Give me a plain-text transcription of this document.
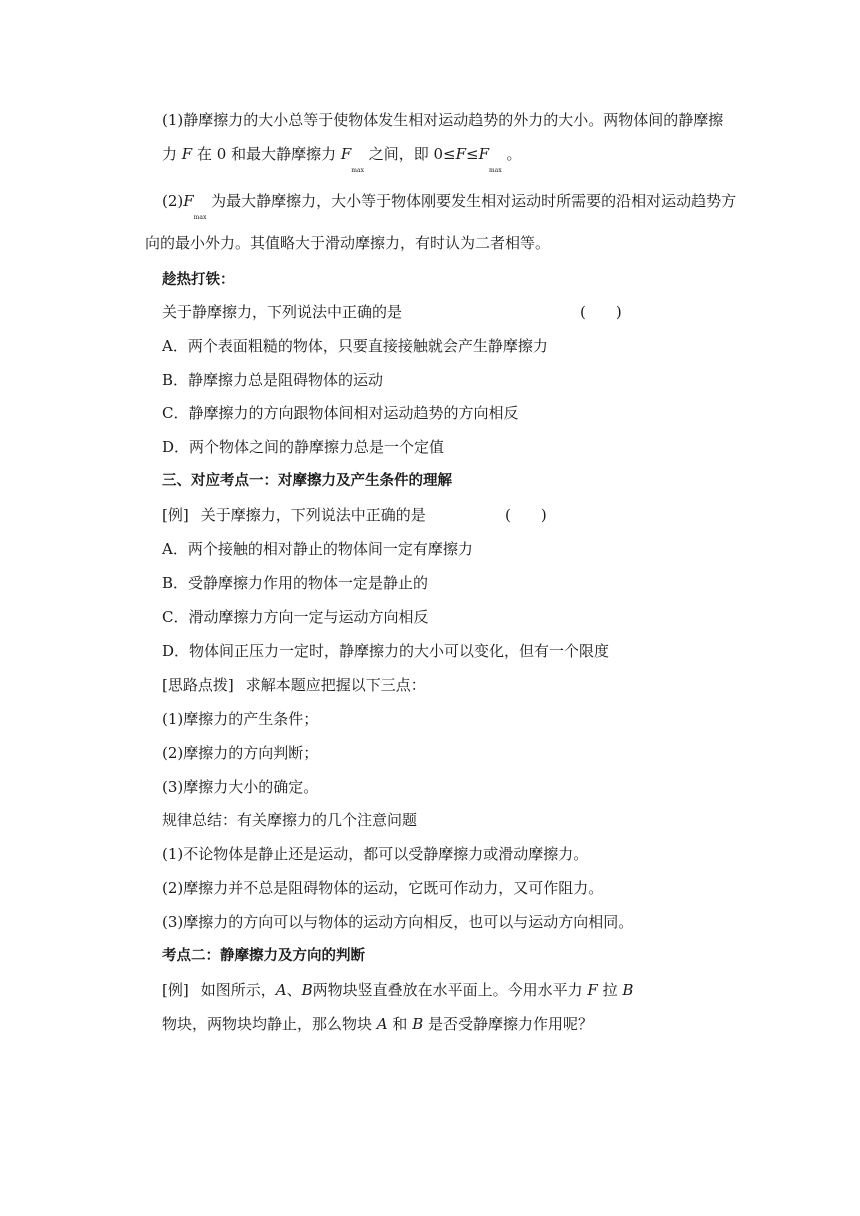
(1)静摩擦力的大小总等于使物体发生相对运动趋势的外力的大小。两物体间的静摩擦
力 F 在 0 和最大静摩擦力 $F_{max}$ 之间，即 $0\le F\le F_{max}$ 。
$(2)F_{max}$ 为最大静摩擦力，大小等于物体刚要发生相对运动时所需要的沿相对运动趋势方
向的最小外力。其值略大于滑动摩擦力，有时认为二者相等。
趁热打铁：
关于静摩擦力，下列说法中正确的是	(　　)
A．两个表面粗糙的物体，只要直接接触就会产生静摩擦力
B．静摩擦力总是阻碍物体的运动
C．静摩擦力的方向跟物体间相对运动趋势的方向相反
D．两个物体之间的静摩擦力总是一个定值
三、对应考点一：对摩擦力及产生条件的理解
[例] 关于摩擦力，下列说法中正确的是	(　　)
A．两个接触的相对静止的物体间一定有摩擦力
B．受静摩擦力作用的物体一定是静止的
C．滑动摩擦力方向一定与运动方向相反
D．物体间正压力一定时，静摩擦力的大小可以变化，但有一个限度
[思路点拨] 求解本题应把握以下三点：
(1)摩擦力的产生条件；
(2)摩擦力的方向判断；
(3)摩擦力大小的确定。
规律总结：有关摩擦力的几个注意问题
(1)不论物体是静止还是运动，都可以受静摩擦力或滑动摩擦力。
(2)摩擦力并不总是阻碍物体的运动，它既可作动力，又可作阻力。
(3)摩擦力的方向可以与物体的运动方向相反，也可以与运动方向相同。
考点二：静摩擦力及方向的判断
[例] 如图所示，A、B两物块竖直叠放在水平面上。今用水平力 F 拉 B
物块，两物块均静止，那么物块 A 和 B 是否受静摩擦力作用呢？
